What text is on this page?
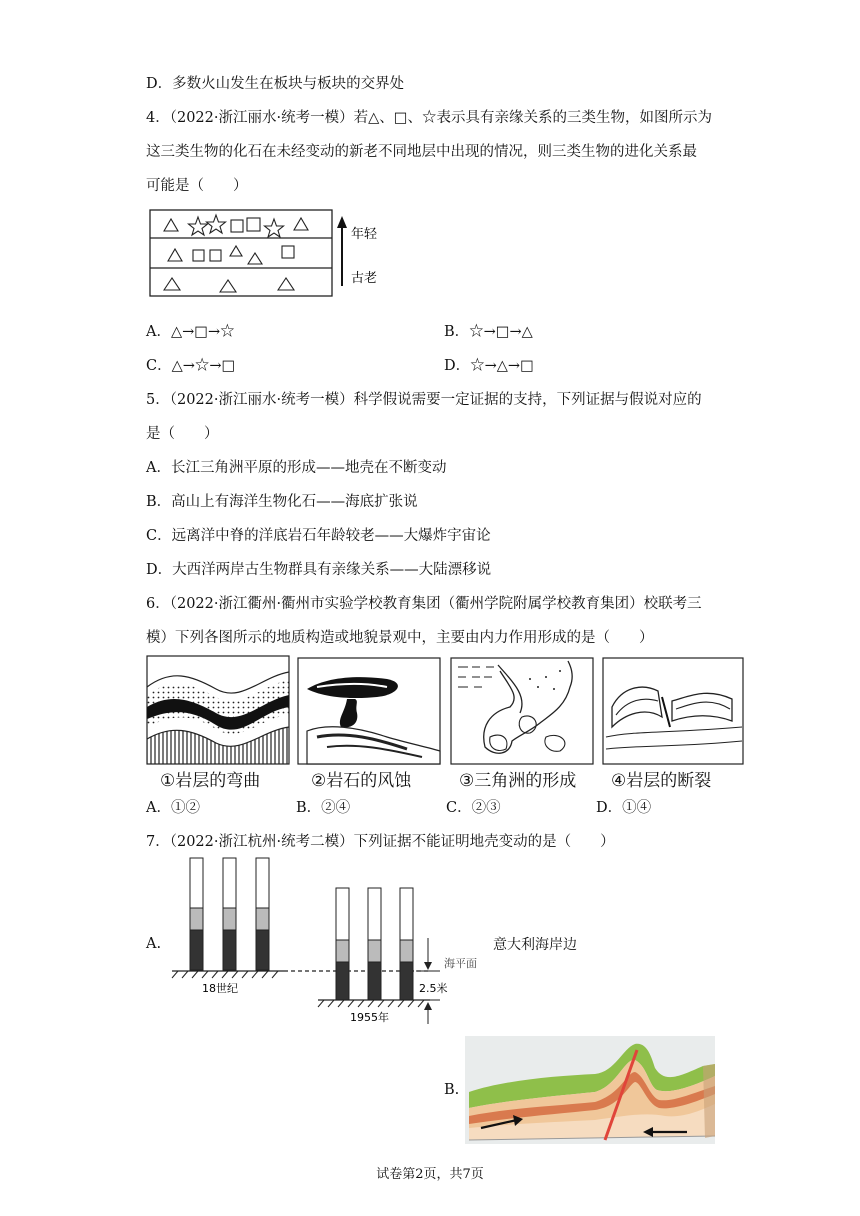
D．多数火山发生在板块与板块的交界处
4．（2022·浙江丽水·统考一模）若△、□、☆表示具有亲缘关系的三类生物，如图所示为
这三类生物的化石在未经变动的新老不同地层中出现的情况，则三类生物的进化关系最
可能是（　　）
年轻
古老
A．△→□→☆	B．☆→□→△
C．△→☆→□	D．☆→△→□
5．（2022·浙江丽水·统考一模）科学假说需要一定证据的支持，下列证据与假说对应的
是（　　）
A．长江三角洲平原的形成——地壳在不断变动
B．高山上有海洋生物化石——海底扩张说
C．远离洋中脊的洋底岩石年龄较老——大爆炸宇宙论
D．大西洋两岸古生物群具有亲缘关系——大陆漂移说
6．（2022·浙江衢州·衢州市实验学校教育集团（衢州学院附属学校教育集团）校联考三
模）下列各图所示的地质构造或地貌景观中，主要由内力作用形成的是（　　）
①岩层的弯曲	②岩石的风蚀	③三角洲的形成 ④岩层的断裂
A．①②	B．②④	C．②③	D．①④
7．（2022·浙江杭州·统考二模）下列证据不能证明地壳变动的是（　　）
A.
18世纪
1955年
海平面
2.5米
意大利海岸边
B.
试卷第2页，共7页
